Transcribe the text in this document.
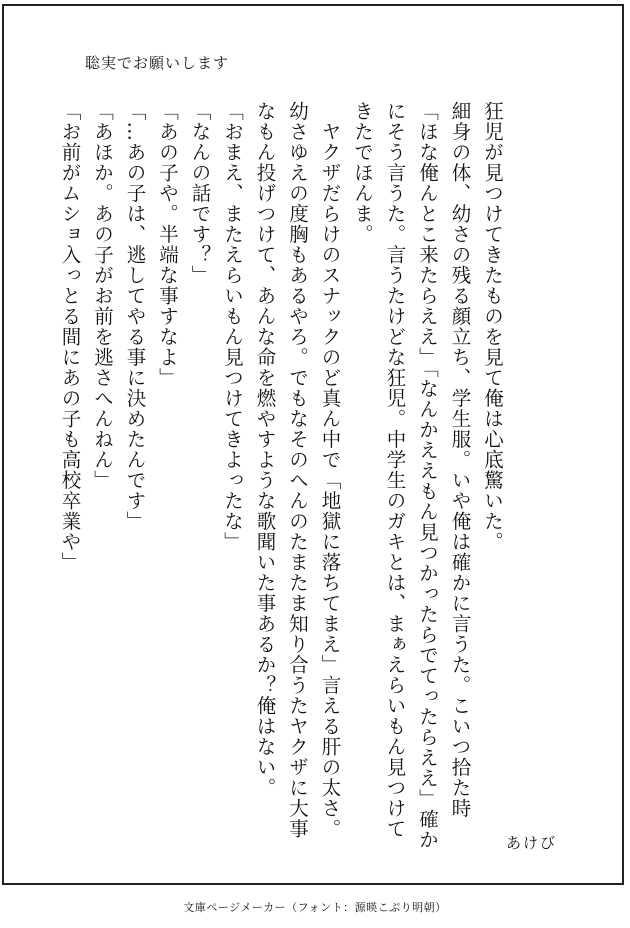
聡実でお願いします
狂児が見つけてきたものを見て俺は心底驚いた。
細身の体、幼さの残る顔立ち、学生服。いや俺は確かに言うた。こいつ拾た時
「ほな俺んとこ来たらええ」「なんかええもん見つかったらでてったらええ」確か
にそう言うた。言うたけどな狂児。中学生のガキとは、まぁえらいもん見つけて
きたでほんま。
　ヤクザだらけのスナックのど真ん中で「地獄に落ちてまえ」言える肝の太さ。
幼さゆえの度胸もあるやろ。でもなそのへんのたまたま知り合うたヤクザに大事
なもん投げつけて、あんな命を燃やすような歌聞いた事あるか？俺はない。
「おまえ、またえらいもん見つけてきよったな」
「なんの話です？」
「あの子や。半端な事すなよ」
「…あの子は、逃してやる事に決めたんです」
「あほか。あの子がお前を逃さへんねん」
「お前がムショ入っとる間にあの子も高校卒業や」
あけび
文庫ページメーカー（フォント：源暎こぶり明朝）
